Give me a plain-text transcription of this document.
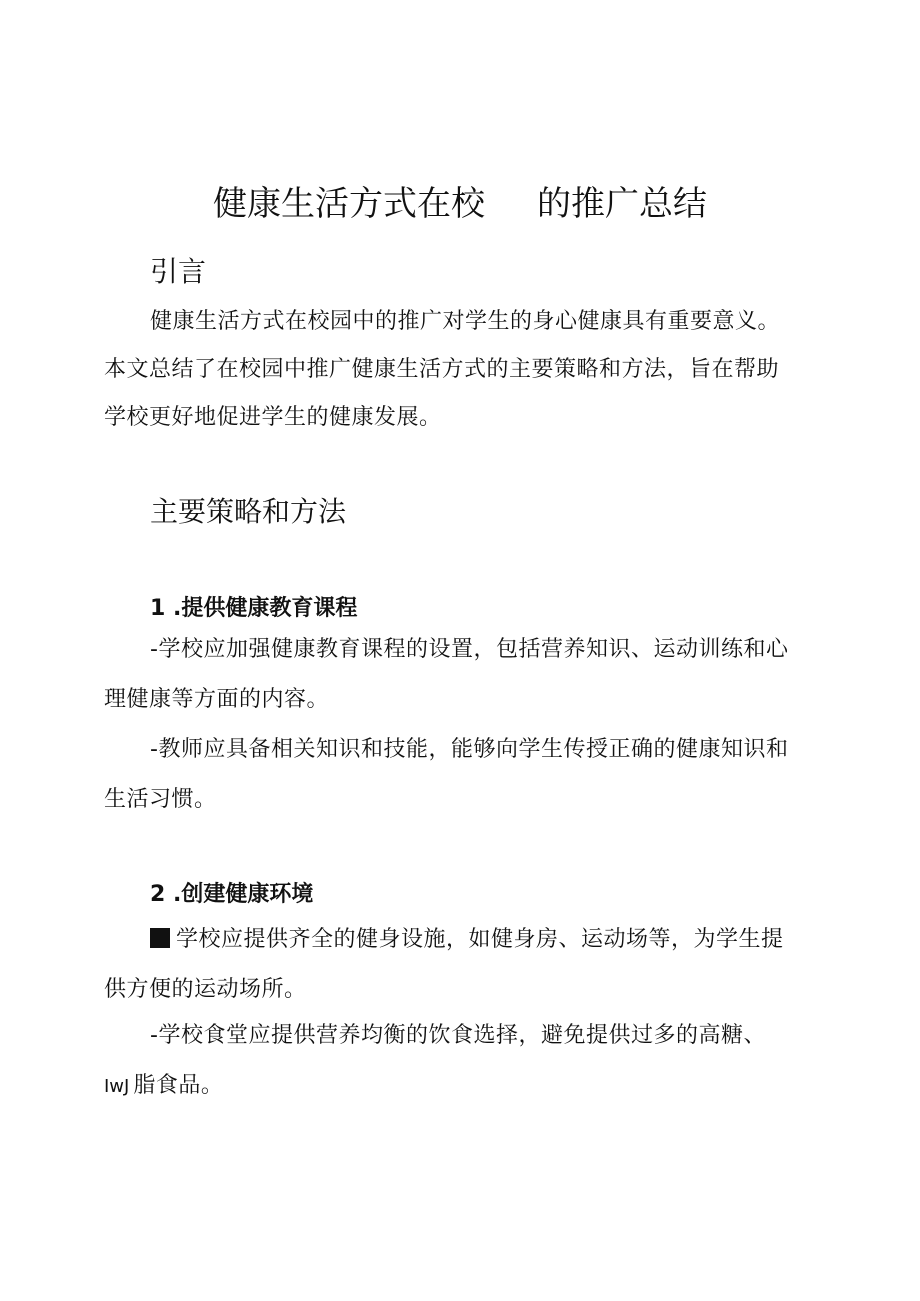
健康生活方式在校 的推广总结
引言
健康生活方式在校园中的推广对学生的身心健康具有重要意义。
本文总结了在校园中推广健康生活方式的主要策略和方法，旨在帮助
学校更好地促进学生的健康发展。
主要策略和方法
1 .提供健康教育课程
-学校应加强健康教育课程的设置，包括营养知识、运动训练和心
理健康等方面的内容。
-教师应具备相关知识和技能，能够向学生传授正确的健康知识和
生活习惯。
2 .创建健康环境
学校应提供齐全的健身设施，如健身房、运动场等，为学生提
供方便的运动场所。
-学校食堂应提供营养均衡的饮食选择，避免提供过多的高糖、
IwJ 脂食品。
